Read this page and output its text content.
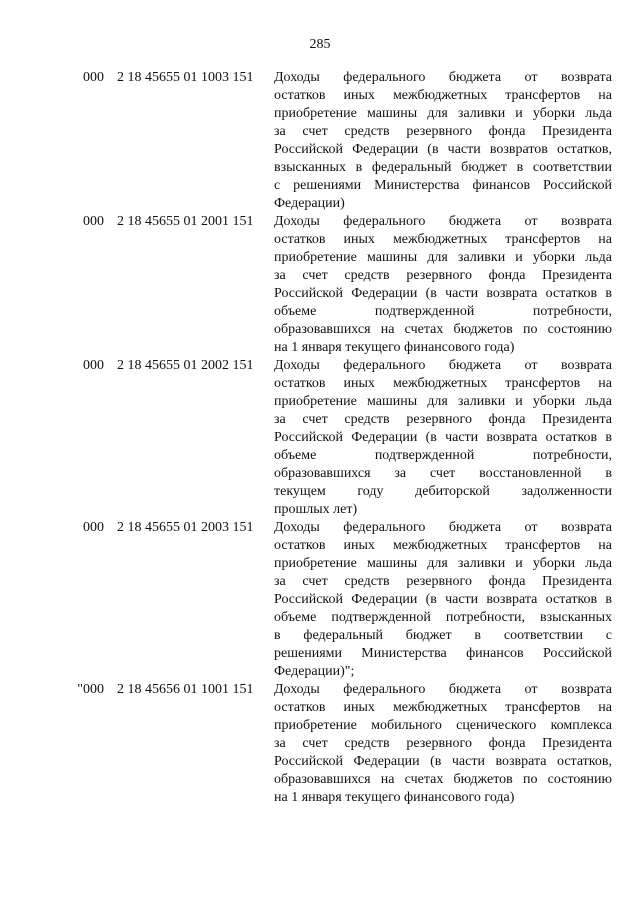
285
000 2 18 45655 01 1003 151 Доходы федерального бюджета от возврата
остатков иных межбюджетных трансфертов на
приобретение машины для заливки и уборки льда
за счет средств резервного фонда Президента
Российской Федерации (в части возвратов остатков,
взысканных в федеральный бюджет в соответствии
с решениями Министерства финансов Российской
Федерации)
000 2 18 45655 01 2001 151 Доходы федерального бюджета от возврата
остатков иных межбюджетных трансфертов на
приобретение машины для заливки и уборки льда
за счет средств резервного фонда Президента
Российской Федерации (в части возврата остатков в
объеме подтвержденной потребности,
образовавшихся на счетах бюджетов по состоянию
на 1 января текущего финансового года)
000 2 18 45655 01 2002 151 Доходы федерального бюджета от возврата
остатков иных межбюджетных трансфертов на
приобретение машины для заливки и уборки льда
за счет средств резервного фонда Президента
Российской Федерации (в части возврата остатков в
объеме подтвержденной потребности,
образовавшихся за счет восстановленной в
текущем году дебиторской задолженности
прошлых лет)
000 2 18 45655 01 2003 151 Доходы федерального бюджета от возврата
остатков иных межбюджетных трансфертов на
приобретение машины для заливки и уборки льда
за счет средств резервного фонда Президента
Российской Федерации (в части возврата остатков в
объеме подтвержденной потребности, взысканных
в федеральный бюджет в соответствии с
решениями Министерства финансов Российской
Федерации)";
"000 2 18 45656 01 1001 151 Доходы федерального бюджета от возврата
остатков иных межбюджетных трансфертов на
приобретение мобильного сценического комплекса
за счет средств резервного фонда Президента
Российской Федерации (в части возврата остатков,
образовавшихся на счетах бюджетов по состоянию
на 1 января текущего финансового года)
